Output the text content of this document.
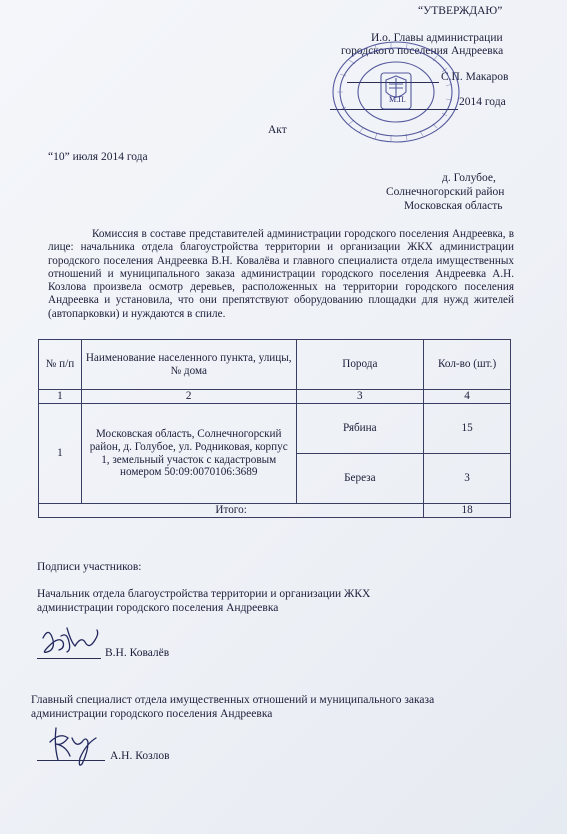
“УТВЕРЖДАЮ”
И.о. Главы администрации
городского поселения Андреевка
С.П. Макаров
2014 года
М.П.
Акт
“10” июля 2014 года
д. Голубое,
Солнечногорский район
Московская область
Комиссия в составе представителей администрации городского поселения Андреевка, в лице: начальника отдела благоустройства территории и организации ЖКХ администрации городского поселения Андреевка В.Н. Ковалёва и главного специалиста отдела имущественных отношений и муниципального заказа администрации городского поселения Андреевка А.Н. Козлова произвела осмотр деревьев, расположенных на территории городского поселения Андреевка и установила, что они препятствуют оборудованию площадки для нужд жителей (автопарковки) и нуждаются в спиле.
№ п/п	Наименование населенного пункта, улицы, № дома	Порода	Кол-во (шт.)
1	2	3	4
1	Московская область, Солнечногорский район, д. Голубое, ул. Родниковая, корпус 1, земельный участок с кадастровым номером 50:09:0070106:3689	Рябина	15
		Береза	3
Итого:			18
Подписи участников:
Начальник отдела благоустройства территории и организации ЖКХ
администрации городского поселения Андреевка
В.Н. Ковалёв
Главный специалист отдела имущественных отношений и муниципального заказа
администрации городского поселения Андреевка
А.Н. Козлов
